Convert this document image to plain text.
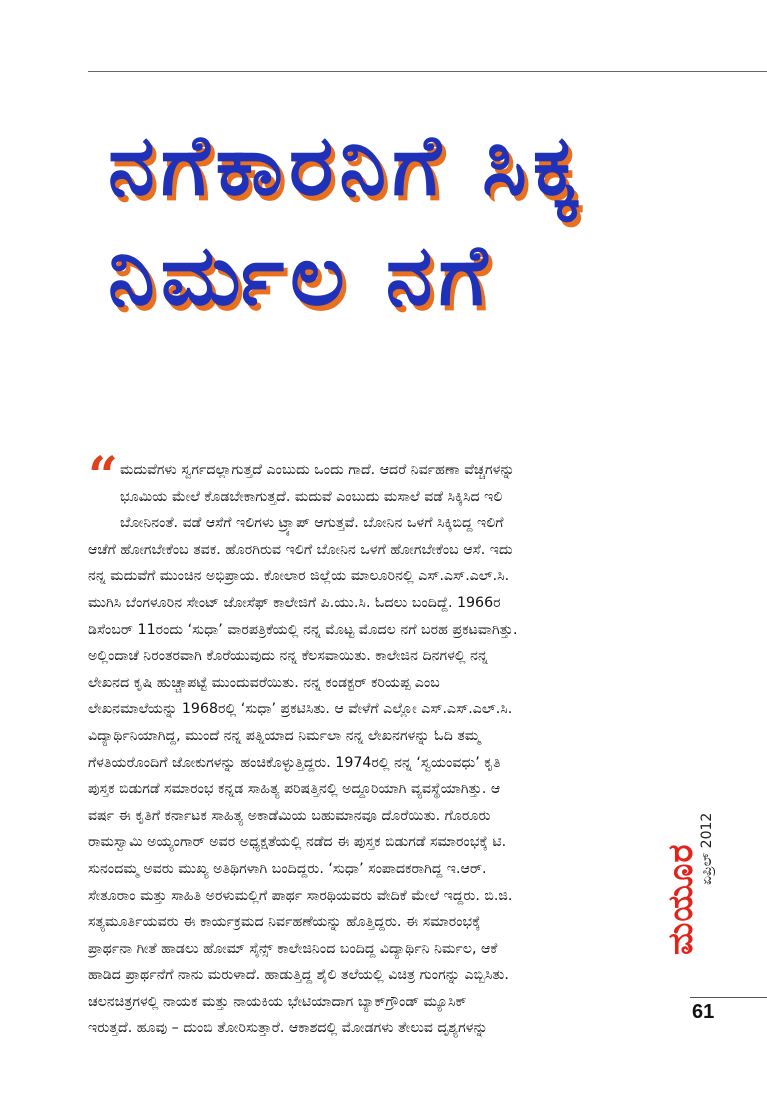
ನಗೆಕಾರನಿಗೆ ಸಿಕ್ಕ
ನಿರ್ಮಲ ನಗೆ
“ ಮದುವೆಗಳು ಸ್ವರ್ಗದಲ್ಲಾಗುತ್ತದೆ ಎಂಬುದು ಒಂದು ಗಾದೆ. ಆದರೆ ನಿರ್ವಹಣಾ ವೆಚ್ಚಗಳನ್ನು
ಭೂಮಿಯ ಮೇಲೆ ಕೊಡಬೇಕಾಗುತ್ತದೆ. ಮದುವೆ ಎಂಬುದು ಮಸಾಲೆ ವಡೆ ಸಿಕ್ಕಿಸಿದ ಇಲಿ
ಬೋನಿನಂತೆ. ವಡೆ ಆಸೆಗೆ ಇಲಿಗಳು ಟ್ರ್ಯಾಪ್ ಆಗುತ್ತವೆ. ಬೋನಿನ ಒಳಗೆ ಸಿಕ್ಕಿಬಿದ್ದ ಇಲಿಗೆ
ಆಚೆಗೆ ಹೋಗಬೇಕೆಂಬ ತವಕ. ಹೊರಗಿರುವ ಇಲಿಗೆ ಬೋನಿನ ಒಳಗೆ ಹೋಗಬೇಕೆಂಬ ಆಸೆ. ಇದು
ನನ್ನ ಮದುವೆಗೆ ಮುಂಚಿನ ಅಭಿಪ್ರಾಯ. ಕೋಲಾರ ಜಿಲ್ಲೆಯ ಮಾಲೂರಿನಲ್ಲಿ ಎಸ್.ಎಸ್.ಎಲ್.ಸಿ.
ಮುಗಿಸಿ ಬೆಂಗಳೂರಿನ ಸೇಂಟ್ ಜೋಸೆಫ್ ಕಾಲೇಜಿಗೆ ಪಿ.ಯು.ಸಿ. ಓದಲು ಬಂದಿದ್ದೆ. 1966ರ
ಡಿಸೆಂಬರ್ 11ರಂದು ‘ಸುಧಾ’ ವಾರಪತ್ರಿಕೆಯಲ್ಲಿ ನನ್ನ ಮೊಟ್ಟ ಮೊದಲ ನಗೆ ಬರಹ ಪ್ರಕಟವಾಗಿತ್ತು.
ಅಲ್ಲಿಂದಾಚೆ ನಿರಂತರವಾಗಿ ಕೊರೆಯುವುದು ನನ್ನ ಕೆಲಸವಾಯಿತು. ಕಾಲೇಜಿನ ದಿನಗಳಲ್ಲಿ ನನ್ನ
ಲೇಖನದ ಕೃಷಿ ಹುಚ್ಚಾಪಟ್ಟೆ ಮುಂದುವರೆಯಿತು. ನನ್ನ ಕಂಡಕ್ಟರ್ ಕರಿಯಪ್ಪ ಎಂಬ
ಲೇಖನಮಾಲೆಯನ್ನು 1968ರಲ್ಲಿ ‘ಸುಧಾ’ ಪ್ರಕಟಿಸಿತು. ಆ ವೇಳೆಗೆ ಎಲ್ಲೋ ಎಸ್.ಎಸ್.ಎಲ್.ಸಿ.
ವಿದ್ಯಾರ್ಥಿನಿಯಾಗಿದ್ದ, ಮುಂದೆ ನನ್ನ ಪತ್ನಿಯಾದ ನಿರ್ಮಲಾ ನನ್ನ ಲೇಖನಗಳನ್ನು ಓದಿ ತಮ್ಮ
ಗೆಳತಿಯರೊಂದಿಗೆ ಜೋಕುಗಳನ್ನು ಹಂಚಿಕೊಳ್ಳುತ್ತಿದ್ದರು. 1974ರಲ್ಲಿ ನನ್ನ ‘ಸ್ವಯಂವಧು’ ಕೃತಿ
ಪುಸ್ತಕ ಬಿಡುಗಡೆ ಸಮಾರಂಭ ಕನ್ನಡ ಸಾಹಿತ್ಯ ಪರಿಷತ್ತಿನಲ್ಲಿ ಅದ್ದೂರಿಯಾಗಿ ವ್ಯವಸ್ಥೆಯಾಗಿತ್ತು. ಆ
ವರ್ಷ ಈ ಕೃತಿಗೆ ಕರ್ನಾಟಕ ಸಾಹಿತ್ಯ ಅಕಾಡೆಮಿಯ ಬಹುಮಾನವೂ ದೊರೆಯಿತು. ಗೊರೂರು
ರಾಮಸ್ವಾಮಿ ಅಯ್ಯಂಗಾರ್ ಅವರ ಅಧ್ಯಕ್ಷತೆಯಲ್ಲಿ ನಡೆದ ಈ ಪುಸ್ತಕ ಬಿಡುಗಡೆ ಸಮಾರಂಭಕ್ಕೆ ಟಿ.
ಸುನಂದಮ್ಮ ಅವರು ಮುಖ್ಯ ಅತಿಥಿಗಳಾಗಿ ಬಂದಿದ್ದರು. ‘ಸುಧಾ’ ಸಂಪಾದಕರಾಗಿದ್ದ ಇ.ಆರ್.
ಸೇತೂರಾಂ ಮತ್ತು ಸಾಹಿತಿ ಅರಳುಮಲ್ಲಿಗೆ ಪಾರ್ಥ ಸಾರಥಿಯವರು ವೇದಿಕೆ ಮೇಲೆ ಇದ್ದರು. ಬಿ.ಜಿ.
ಸತ್ಯಮೂರ್ತಿಯವರು ಈ ಕಾರ್ಯಕ್ರಮದ ನಿರ್ವಹಣೆಯನ್ನು ಹೊತ್ತಿದ್ದರು. ಈ ಸಮಾರಂಭಕ್ಕೆ
ಪ್ರಾರ್ಥನಾ ಗೀತೆ ಹಾಡಲು ಹೋಮ್ ಸೈನ್ಸ್ ಕಾಲೇಜಿನಿಂದ ಬಂದಿದ್ದ ವಿದ್ಯಾರ್ಥಿನಿ ನಿರ್ಮಲ, ಆಕೆ
ಹಾಡಿದ ಪ್ರಾರ್ಥನೆಗೆ ನಾನು ಮರುಳಾದೆ. ಹಾಡುತ್ತಿದ್ದ ಶೈಲಿ ತಲೆಯಲ್ಲಿ ವಿಚಿತ್ರ ಗುಂಗನ್ನು ಎಬ್ಬಿಸಿತು.
ಚಲನಚಿತ್ರಗಳಲ್ಲಿ ನಾಯಕ ಮತ್ತು ನಾಯಕಿಯ ಭೇಟಿಯಾದಾಗ ಬ್ಯಾಕ್‌ಗ್ರೌಂಡ್ ಮ್ಯೂಸಿಕ್
ಇರುತ್ತದೆ. ಹೂವು – ದುಂಬಿ ತೋರಿಸುತ್ತಾರೆ. ಆಕಾಶದಲ್ಲಿ ಮೋಡಗಳು ತೇಲುವ ದೃಶ್ಯಗಳನ್ನು
ಮಯೂರ
ಏಪ್ರಿಲ್ 2012
61
